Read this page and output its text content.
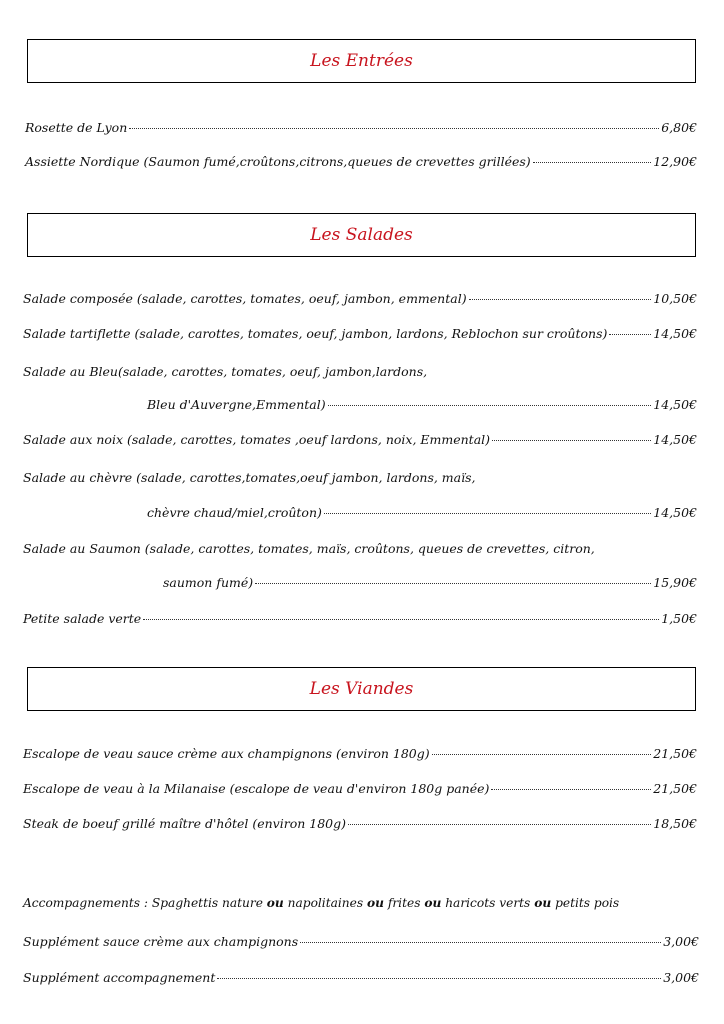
Les Entrées
Rosette de Lyon	6,80€
Assiette Nordique (Saumon fumé,croûtons,citrons,queues de crevettes grillées)	12,90€
Les Salades
Salade composée (salade, carottes, tomates, oeuf, jambon, emmental)	10,50€
Salade tartiflette (salade, carottes, tomates, oeuf, jambon, lardons, Reblochon sur croûtons)	14,50€
Salade au Bleu(salade, carottes, tomates, oeuf, jambon,lardons,
Bleu d'Auvergne,Emmental)	14,50€
Salade aux noix (salade, carottes, tomates ,oeuf lardons, noix, Emmental)	14,50€
Salade au chèvre (salade, carottes,tomates,oeuf jambon, lardons, maïs,
chèvre chaud/miel,croûton)	14,50€
Salade au Saumon (salade, carottes, tomates, maïs, croûtons, queues de crevettes, citron,
saumon fumé)	15,90€
Petite salade verte	1,50€
Les Viandes
Escalope de veau sauce crème aux champignons (environ 180g)	21,50€
Escalope de veau à la Milanaise (escalope de veau d'environ 180g panée)	21,50€
Steak de boeuf grillé maître d'hôtel (environ 180g)	18,50€
Accompagnements : Spaghettis nature ou napolitaines ou frites ou haricots verts ou petits pois
Supplément sauce crème aux champignons	3,00€
Supplément accompagnement	3,00€
